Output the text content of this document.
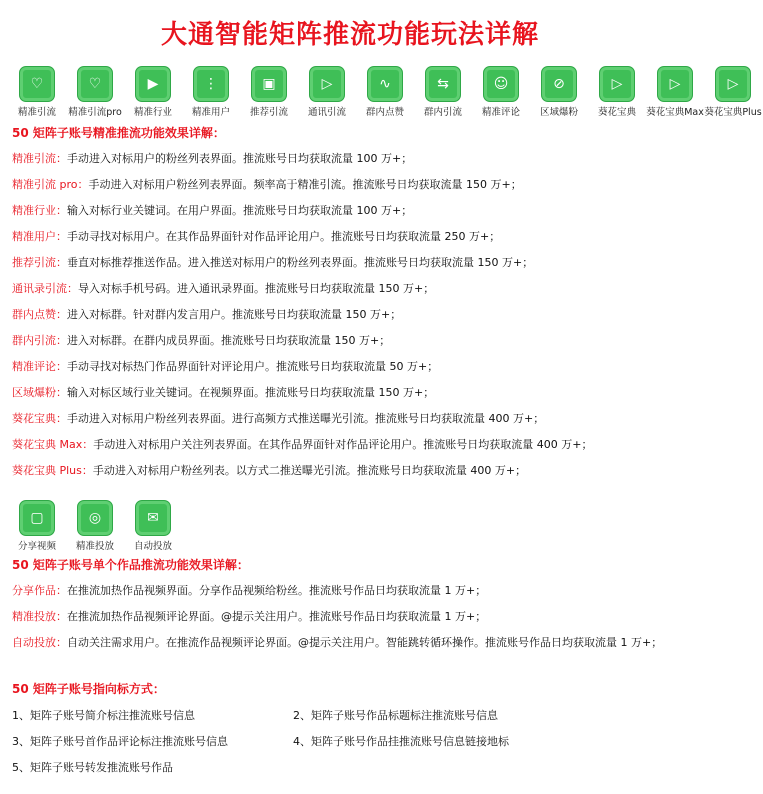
大通智能矩阵推流功能玩法详解
♡
精准引流
♡
精准引流pro
▶
精准行业
⋮
精准用户
▣
推荐引流
▷
通讯引流
∿
群内点赞
⇆
群内引流
☺
精准评论
⊘
区域爆粉
▷
葵花宝典
▷
葵花宝典Max
▷
葵花宝典Plus
50 矩阵子账号精准推流功能效果详解：
精准引流：手动进入对标用户的粉丝列表界面。推流账号日均获取流量 100 万+；
精准引流 pro：手动进入对标用户粉丝列表界面。频率高于精准引流。推流账号日均获取流量 150 万+；
精准行业：输入对标行业关键词。在用户界面。推流账号日均获取流量 100 万+；
精准用户：手动寻找对标用户。在其作品界面针对作品评论用户。推流账号日均获取流量 250 万+；
推荐引流：垂直对标推荐推送作品。进入推送对标用户的粉丝列表界面。推流账号日均获取流量 150 万+；
通讯录引流：导入对标手机号码。进入通讯录界面。推流账号日均获取流量 150 万+；
群内点赞：进入对标群。针对群内发言用户。推流账号日均获取流量 150 万+；
群内引流：进入对标群。在群内成员界面。推流账号日均获取流量 150 万+；
精准评论：手动寻找对标热门作品界面针对评论用户。推流账号日均获取流量 50 万+；
区域爆粉：输入对标区域行业关键词。在视频界面。推流账号日均获取流量 150 万+；
葵花宝典：手动进入对标用户粉丝列表界面。进行高频方式推送曝光引流。推流账号日均获取流量 400 万+；
葵花宝典 Max：手动进入对标用户关注列表界面。在其作品界面针对作品评论用户。推流账号日均获取流量 400 万+；
葵花宝典 Plus：手动进入对标用户粉丝列表。以方式二推送曝光引流。推流账号日均获取流量 400 万+；
▢
分享视频
◎
精准投放
✉
自动投放
50 矩阵子账号单个作品推流功能效果详解：
分享作品：在推流加热作品视频界面。分享作品视频给粉丝。推流账号作品日均获取流量 1 万+；
精准投放：在推流加热作品视频评论界面。@提示关注用户。推流账号作品日均获取流量 1 万+；
自动投放：自动关注需求用户。在推流作品视频评论界面。@提示关注用户。智能跳转循环操作。推流账号作品日均获取流量 1 万+；
50 矩阵子账号指向标方式：
1、矩阵子账号简介标注推流账号信息	2、矩阵子账号作品标题标注推流账号信息
3、矩阵子账号首作品评论标注推流账号信息	4、矩阵子账号作品挂推流账号信息链接地标
5、矩阵子账号转发推流账号作品
